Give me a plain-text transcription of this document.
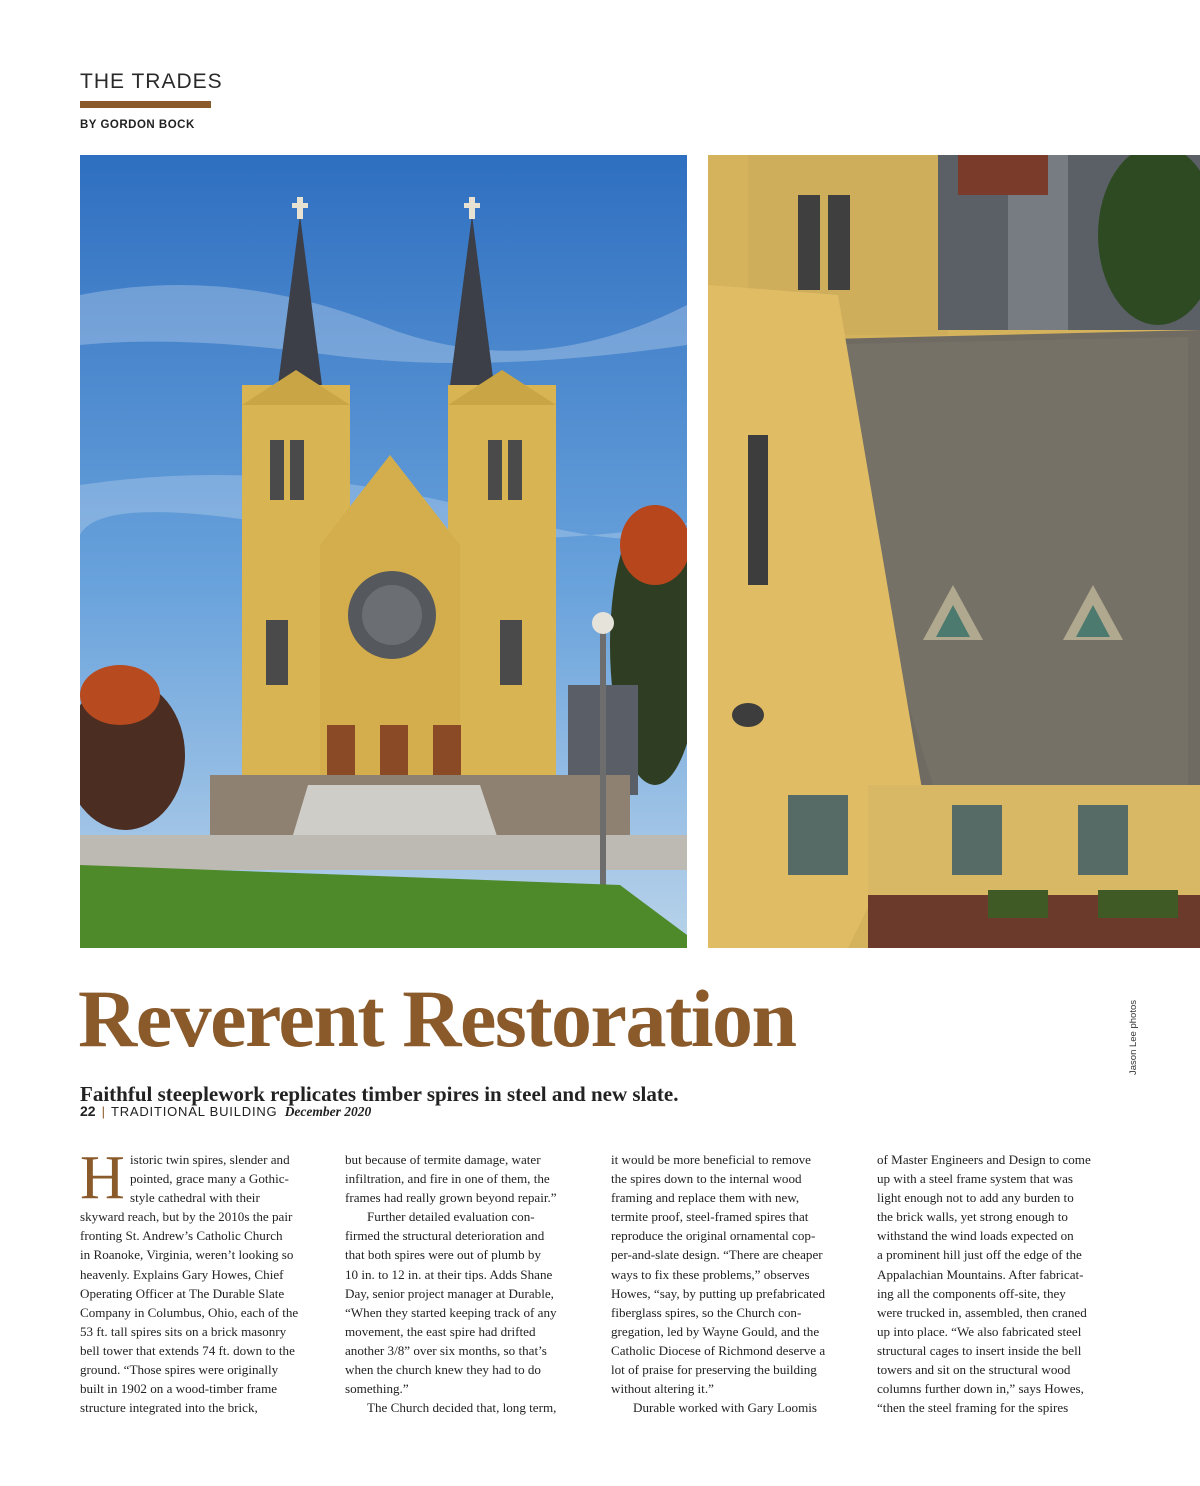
THE TRADES
BY GORDON BOCK
Reverent Restoration
Faithful steeplework replicates timber spires in steel and new slate.
H istoric twin spires, slender and
pointed, grace many a Gothic-
style cathedral with their
skyward reach, but by the 2010s the pair
fronting St. Andrew’s Catholic Church
in Roanoke, Virginia, weren’t looking so
heavenly. Explains Gary Howes, Chief
Operating Officer at The Durable Slate
Company in Columbus, Ohio, each of the
53 ft. tall spires sits on a brick masonry
bell tower that extends 74 ft. down to the
ground. “Those spires were originally
built in 1902 on a wood-timber frame
structure integrated into the brick,
but because of termite damage, water
infiltration, and fire in one of them, the
frames had really grown beyond repair.”
Further detailed evaluation con-
firmed the structural deterioration and
that both spires were out of plumb by
10 in. to 12 in. at their tips. Adds Shane
Day, senior project manager at Durable,
“When they started keeping track of any
movement, the east spire had drifted
another 3/8” over six months, so that’s
when the church knew they had to do
something.”
The Church decided that, long term,
it would be more beneficial to remove
the spires down to the internal wood
framing and replace them with new,
termite proof, steel-framed spires that
reproduce the original ornamental cop-
per-and-slate design. “There are cheaper
ways to fix these problems,” observes
Howes, “say, by putting up prefabricated
fiberglass spires, so the Church con-
gregation, led by Wayne Gould, and the
Catholic Diocese of Richmond deserve a
lot of praise for preserving the building
without altering it.”
Durable worked with Gary Loomis
of Master Engineers and Design to come
up with a steel frame system that was
light enough not to add any burden to
the brick walls, yet strong enough to
withstand the wind loads expected on
a prominent hill just off the edge of the
Appalachian Mountains. After fabricat-
ing all the components off-site, they
were trucked in, assembled, then craned
up into place. “We also fabricated steel
structural cages to insert inside the bell
towers and sit on the structural wood
columns further down in,” says Howes,
“then the steel framing for the spires
Jason Lee photos
22 | TRADITIONAL BUILDING December 2020
